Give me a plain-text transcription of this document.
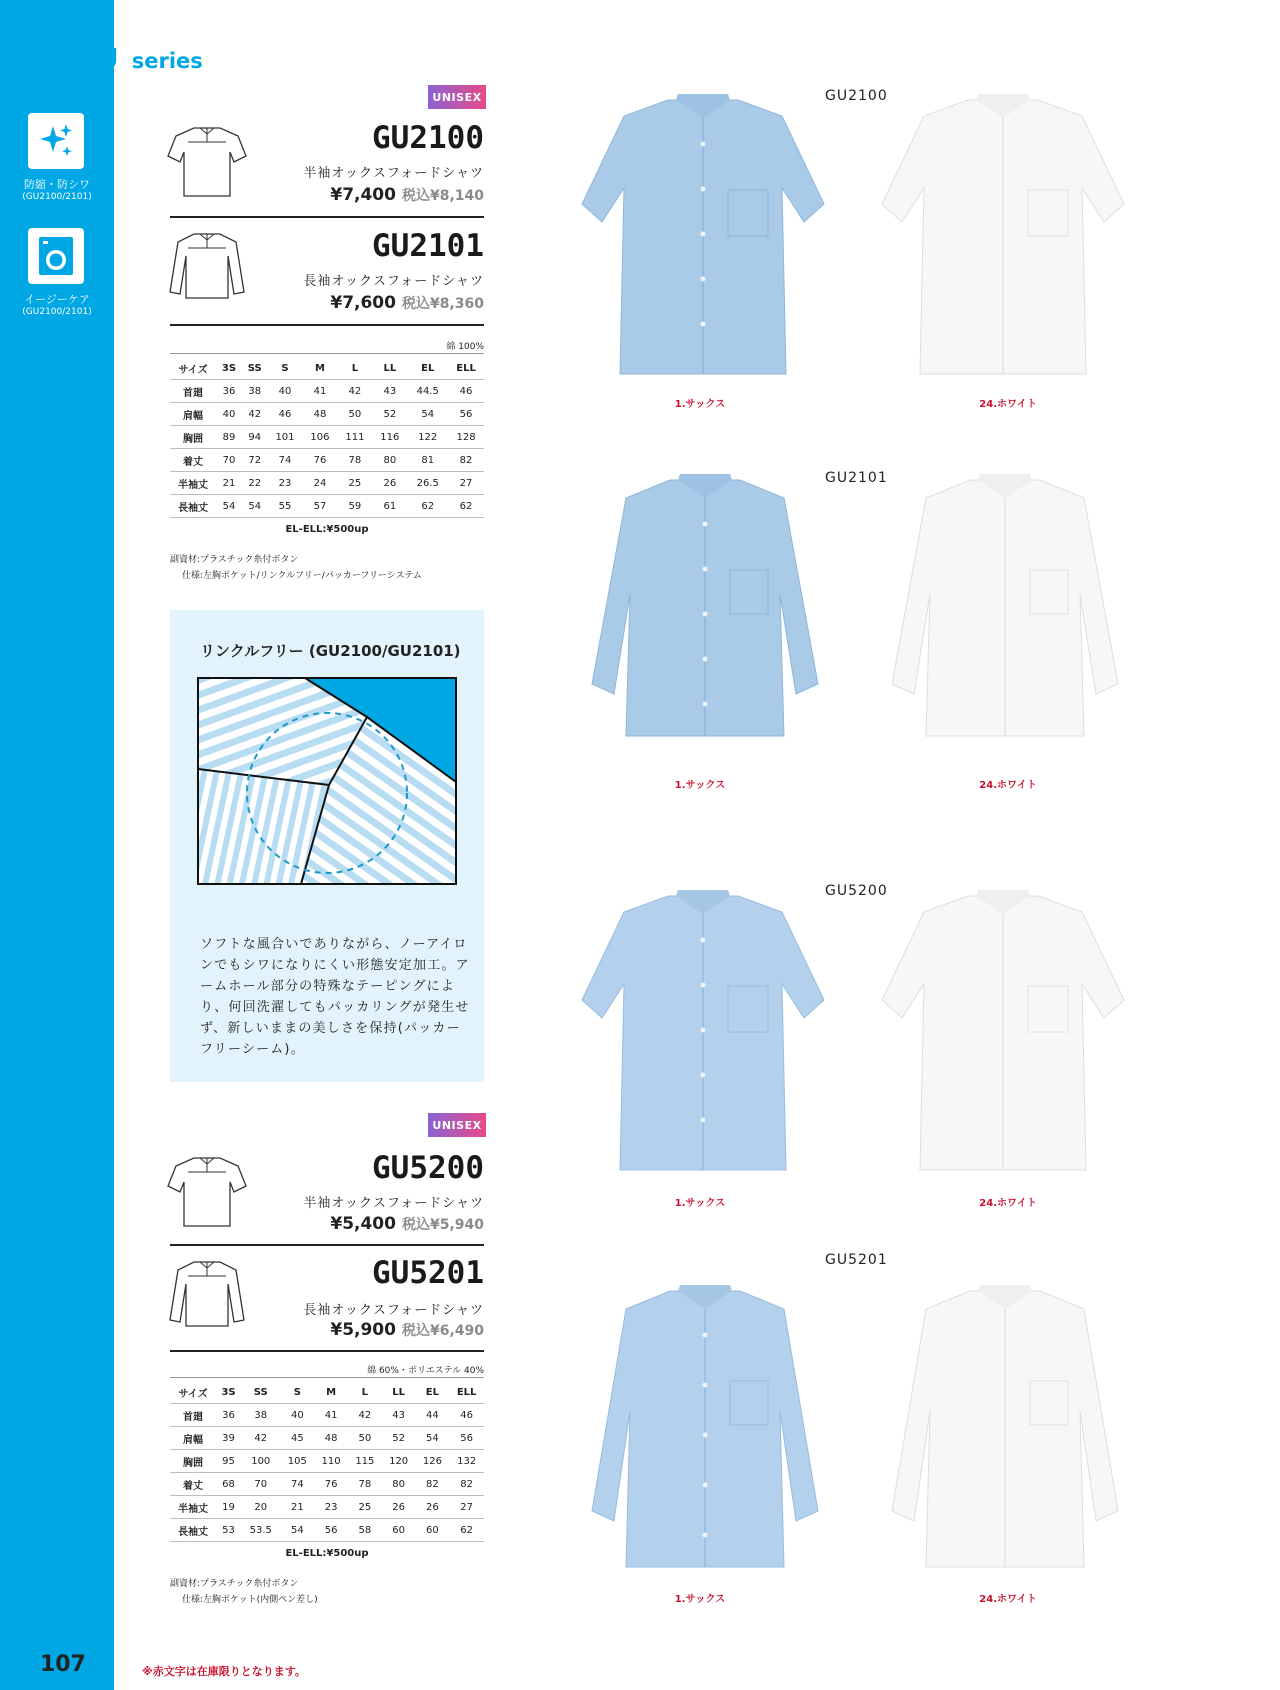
GU series
防縮・防シワ
(GU2100/2101)
イージーケア
(GU2100/2101)
107	※赤文字は在庫限りとなります。
UNISEX
GU2100
半袖オックスフォードシャツ
¥7,400 税込¥8,140
GU2101
長袖オックスフォードシャツ
¥7,600 税込¥8,360
綿 100%
サイズ	3S	SS	S	M	L	LL	EL	ELL
首廻	36	38	40	41	42	43	44.5	46
肩幅	40	42	46	48	50	52	54	56
胸囲	89	94	101	106	111	116	122	128
着丈	70	72	74	76	78	80	81	82
半袖丈	21	22	23	24	25	26	26.5	27
長袖丈	54	54	55	57	59	61	62	62
EL-ELL:¥500up								
副資材:プラスチック糸付ボタン
仕様:左胸ポケット/リンクルフリー/パッカーフリーシステム
リンクルフリー (GU2100/GU2101)
ソフトな風合いでありながら、ノーアイロンでもシワになりにくい形態安定加工。アームホール部分の特殊なテーピングにより、何回洗濯してもパッカリングが発生せず、新しいままの美しさを保持(パッカーフリーシーム)。
UNISEX
GU5200
半袖オックスフォードシャツ
¥5,400 税込¥5,940
GU5201
長袖オックスフォードシャツ
¥5,900 税込¥6,490
綿 60%・ポリエステル 40%
サイズ	3S	SS	S	M	L	LL	EL	ELL
首廻	36	38	40	41	42	43	44	46
肩幅	39	42	45	48	50	52	54	56
胸囲	95	100	105	110	115	120	126	132
着丈	68	70	74	76	78	80	82	82
半袖丈	19	20	21	23	25	26	26	27
長袖丈	53	53.5	54	56	58	60	60	62
EL-ELL:¥500up								
副資材:プラスチック糸付ボタン
仕様:左胸ポケット(内側ペン差し)
GU2100
GU2101
GU5200
GU5201
1.サックス	24.ホワイト
1.サックス	24.ホワイト
1.サックス	24.ホワイト
1.サックス	24.ホワイト
